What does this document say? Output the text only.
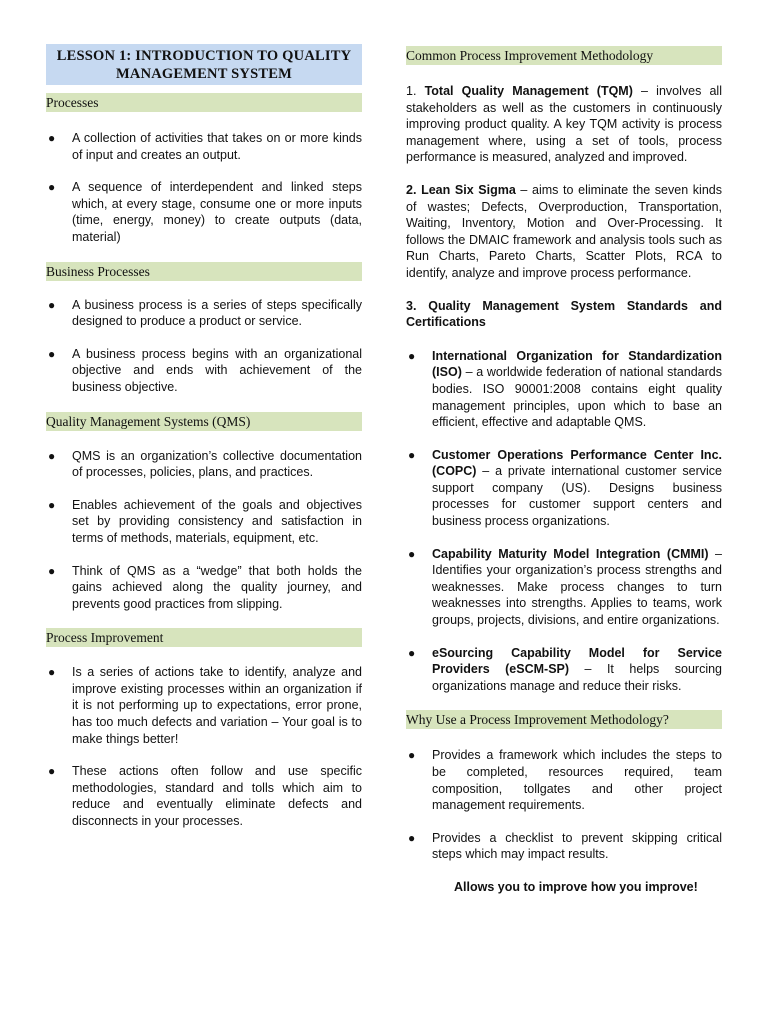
LESSON 1: INTRODUCTION TO QUALITY MANAGEMENT SYSTEM
Processes
● A collection of activities that takes on or more kinds of input and creates an output.
● A sequence of interdependent and linked steps which, at every stage, consume one or more inputs (time, energy, money) to create outputs (data, material)
Business Processes
● A business process is a series of steps specifically designed to produce a product or service.
● A business process begins with an organizational objective and ends with achievement of the business objective.
Quality Management Systems (QMS)
● QMS is an organization’s collective documentation of processes, policies, plans, and practices.
● Enables achievement of the goals and objectives set by providing consistency and satisfaction in terms of methods, materials, equipment, etc.
● Think of QMS as a “wedge” that both holds the gains achieved along the quality journey, and prevents good practices from slipping.
Process Improvement
● Is a series of actions take to identify, analyze and improve existing processes within an organization if it is not performing up to expectations, error prone, has too much defects and variation – Your goal is to make things better!
● These actions often follow and use specific methodologies, standard and tolls which aim to reduce and eventually eliminate defects and disconnects in your processes.
Common Process Improvement Methodology

1. Total Quality Management (TQM) – involves all stakeholders as well as the customers in continuously improving product quality. A key TQM activity is process management where, using a set of tools, process performance is measured, analyzed and improved.

2. Lean Six Sigma – aims to eliminate the seven kinds of wastes; Defects, Overproduction, Transportation, Waiting, Inventory, Motion and Over-Processing. It follows the DMAIC framework and analysis tools such as Run Charts, Pareto Charts, Scatter Plots, RCA to identify, analyze and improve process performance.

3. Quality Management System Standards and Certifications

● International Organization for Standardization (ISO) – a worldwide federation of national standards bodies. ISO 90001:2008 contains eight quality management principles, upon which to base an efficient, effective and adaptable QMS.
● Customer Operations Performance Center Inc. (COPC) – a private international customer service support company (US). Designs business processes for customer support centers and business process organizations.
● Capability Maturity Model Integration (CMMI) – Identifies your organization’s process strengths and weaknesses. Make process changes to turn weaknesses into strengths. Applies to teams, work groups, projects, divisions, and entire organizations.
● eSourcing Capability Model for Service Providers (eSCM-SP) – It helps sourcing organizations manage and reduce their risks.
Why Use a Process Improvement Methodology?
● Provides a framework which includes the steps to be completed, resources required, team composition, tollgates and other project management requirements.
● Provides a checklist to prevent skipping critical steps which may impact results.
Allows you to improve how you improve!
